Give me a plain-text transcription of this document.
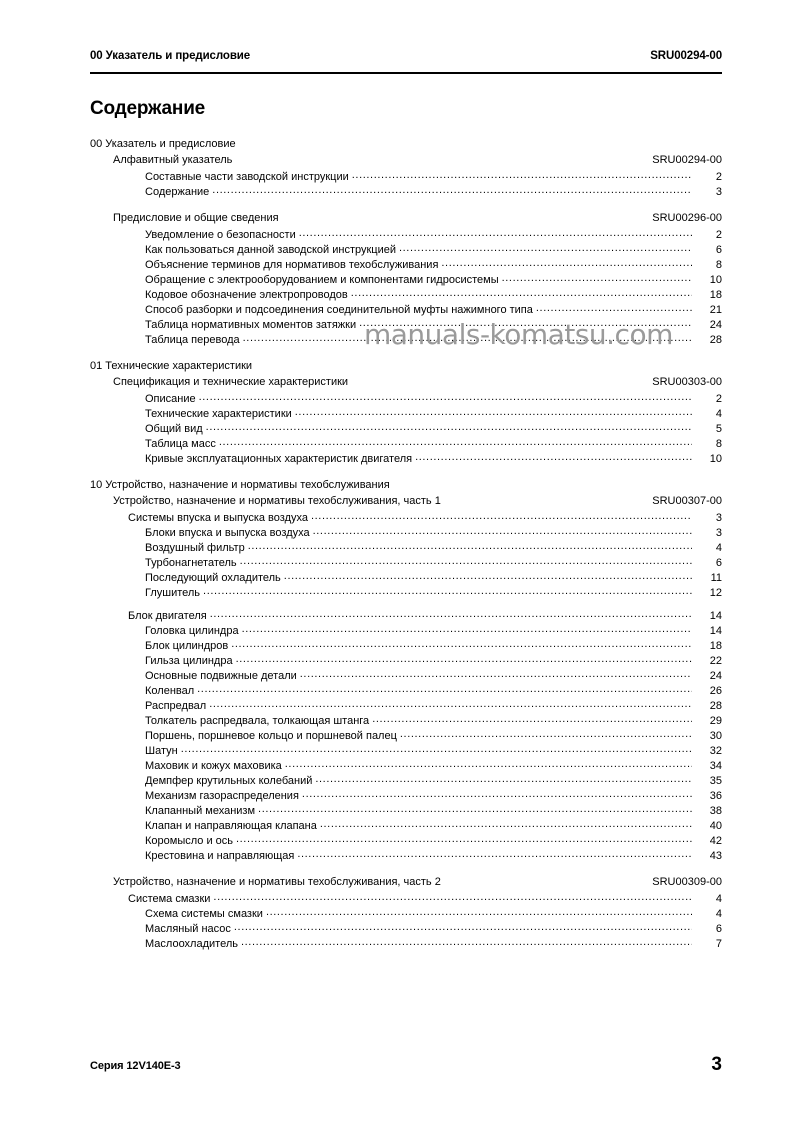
00 Указатель и предисловие	SRU00294-00
Содержание
00 Указатель и предисловие
Алфавитный указатель	SRU00294-00
Составные части заводской инструкции .....	2
Содержание .....	3
Предисловие и общие сведения	SRU00296-00
Уведомление о безопасности .....	2
Как пользоваться данной заводской инструкцией .....	6
Объяснение терминов для нормативов техобслуживания .....	8
Обращение с электрооборудованием и компонентами гидросистемы .....	10
Кодовое обозначение электропроводов .....	18
Способ разборки и подсоединения соединительной муфты нажимного типа .....	21
Таблица нормативных моментов затяжки .....	24
Таблица перевода .....	28
01 Технические характеристики
Спецификация и технические характеристики	SRU00303-00
Описание .....	2
Технические характеристики .....	4
Общий вид .....	5
Таблица масс .....	8
Кривые эксплуатационных характеристик двигателя .....	10
10 Устройство, назначение и нормативы техобслуживания
Устройство, назначение и нормативы техобслуживания, часть 1	SRU00307-00
Системы впуска и выпуска воздуха .....	3
Блоки впуска и выпуска воздуха .....	3
Воздушный фильтр .....	4
Турбонагнетатель .....	6
Последующий охладитель .....	11
Глушитель .....	12
Блок двигателя .....	14
Головка цилиндра .....	14
Блок цилиндров .....	18
Гильза цилиндра .....	22
Основные подвижные детали .....	24
Коленвал .....	26
Распредвал .....	28
Толкатель распредвала, толкающая штанга .....	29
Поршень, поршневое кольцо и поршневой палец .....	30
Шатун .....	32
Маховик и кожух маховика .....	34
Демпфер крутильных колебаний .....	35
Механизм газораспределения .....	36
Клапанный механизм .....	38
Клапан и направляющая клапана .....	40
Коромысло и ось .....	42
Крестовина и направляющая .....	43
Устройство, назначение и нормативы техобслуживания, часть 2	SRU00309-00
Система смазки .....	4
Схема системы смазки .....	4
Масляный насос .....	6
Маслоохладитель .....	7
manuals-komatsu.com
Серия 12V140E-3	3
